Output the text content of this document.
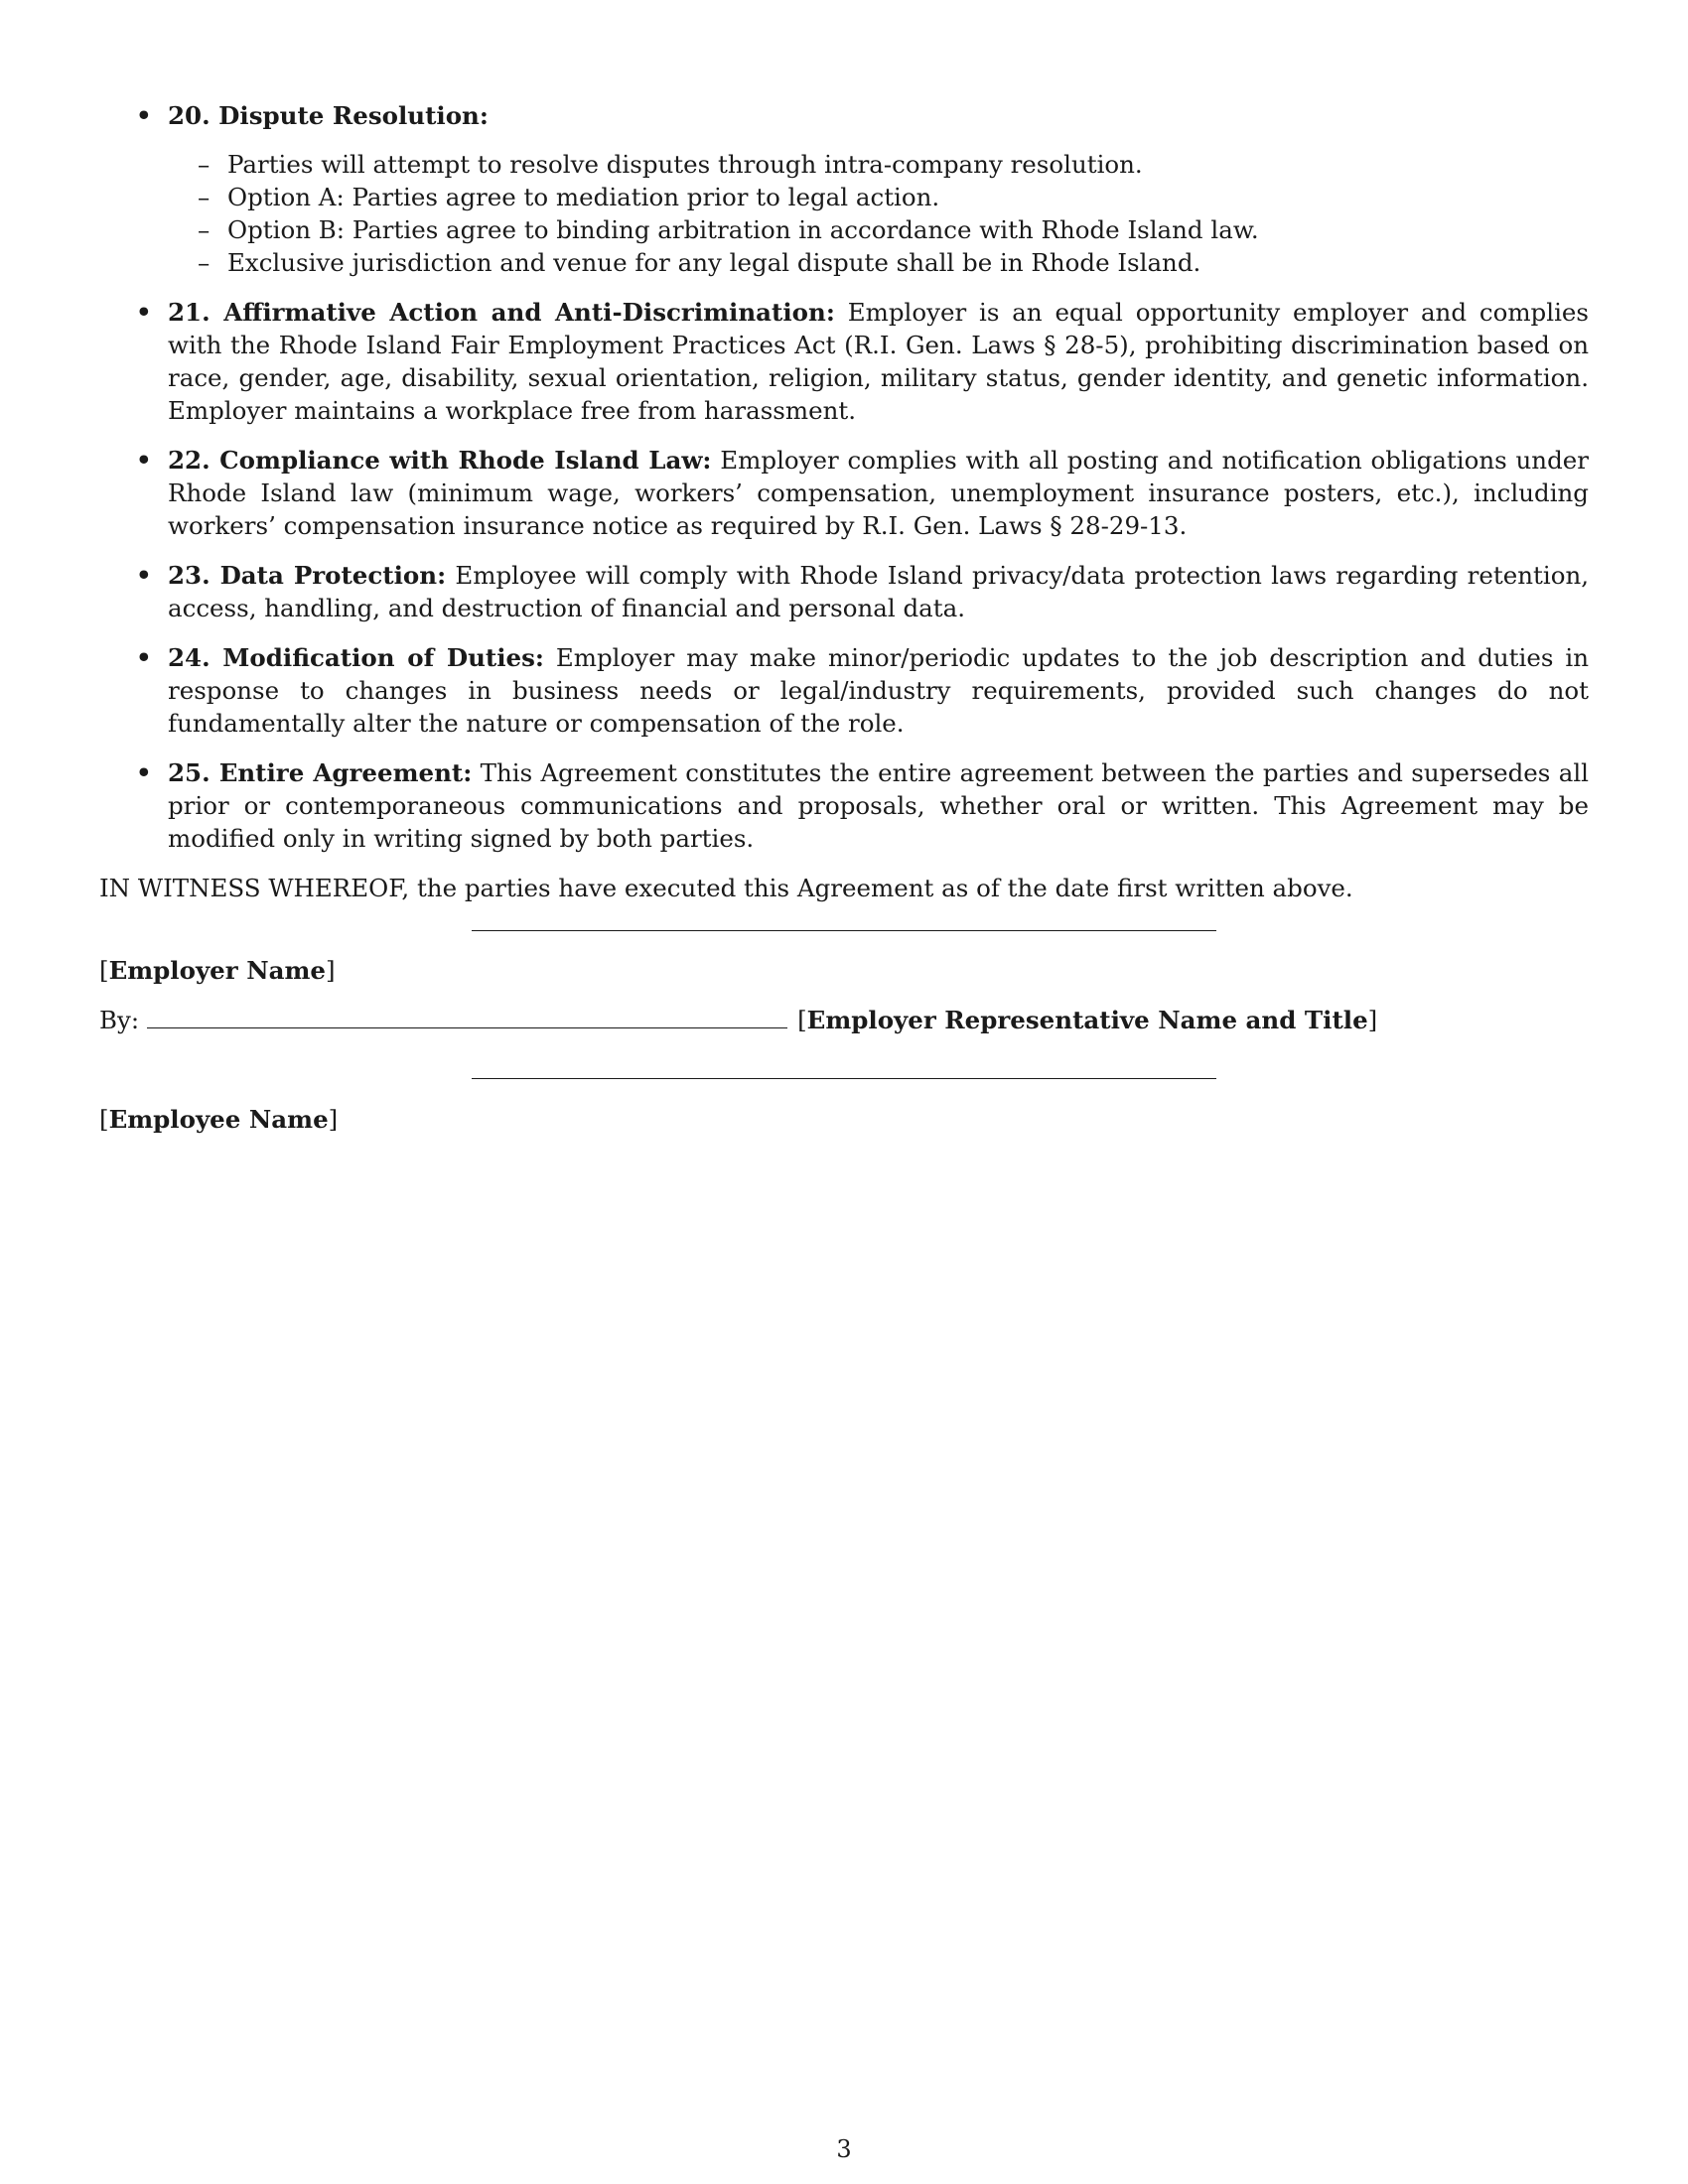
• 20. Dispute Resolution:
– Parties will attempt to resolve disputes through intra-company resolution.
– Option A: Parties agree to mediation prior to legal action.
– Option B: Parties agree to binding arbitration in accordance with Rhode Island law.
– Exclusive jurisdiction and venue for any legal dispute shall be in Rhode Island.
• 21. Affirmative Action and Anti-Discrimination: Employer is an equal opportunity employer and complies with the Rhode Island Fair Employment Practices Act (R.I. Gen. Laws § 28-5), prohibiting discrimination based on race, gender, age, disability, sexual orientation, religion, military status, gender identity, and genetic information. Employer maintains a workplace free from harassment.
• 22. Compliance with Rhode Island Law: Employer complies with all posting and notification obligations under Rhode Island law (minimum wage, workers’ compensation, unemployment insurance posters, etc.), including workers’ compensation insurance notice as required by R.I. Gen. Laws § 28-29-13.
• 23. Data Protection: Employee will comply with Rhode Island privacy/data protection laws regarding retention, access, handling, and destruction of financial and personal data.
• 24. Modification of Duties: Employer may make minor/periodic updates to the job description and duties in response to changes in business needs or legal/industry requirements, provided such changes do not fundamentally alter the nature or compensation of the role.
• 25. Entire Agreement: This Agreement constitutes the entire agreement between the parties and supersedes all prior or contemporaneous communications and proposals, whether oral or written. This Agreement may be modified only in writing signed by both parties.

IN WITNESS WHEREOF, the parties have executed this Agreement as of the date first written above.

[Employer Name]
By:	[Employer Representative Name and Title]
[Employee Name]
3
